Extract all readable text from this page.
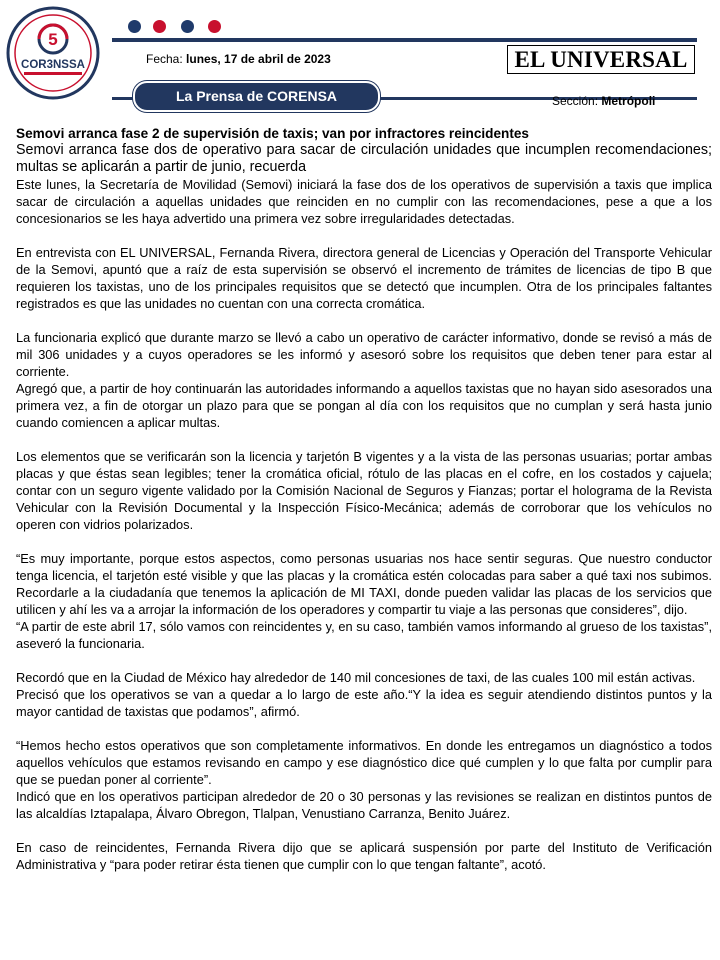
5
COR3NSSA	Fecha: lunes, 17 de abril de 2023	EL UNIVERSAL
La Prensa de CORENSA	Sección: Metrópoli

Semovi arranca fase 2 de supervisión de taxis; van por infractores reincidentes

Semovi arranca fase dos de operativo para sacar de circulación unidades que incumplen recomendaciones; multas se aplicarán a partir de junio, recuerda

Este lunes, la Secretaría de Movilidad (Semovi) iniciará la fase dos de los operativos de supervisión a taxis que implica sacar de circulación a aquellas unidades que reinciden en no cumplir con las recomendaciones, pese a que a los concesionarios se les haya advertido una primera vez sobre irregularidades detectadas.

En entrevista con EL UNIVERSAL, Fernanda Rivera, directora general de Licencias y Operación del Transporte Vehicular de la Semovi, apuntó que a raíz de esta supervisión se observó el incremento de trámites de licencias de tipo B que requieren los taxistas, uno de los principales requisitos que se detectó que incumplen. Otra de los principales faltantes registrados es que las unidades no cuentan con una correcta cromática.

La funcionaria explicó que durante marzo se llevó a cabo un operativo de carácter informativo, donde se revisó a más de mil 306 unidades y a cuyos operadores se les informó y asesoró sobre los requisitos que deben tener para estar al corriente.

Agregó que, a partir de hoy continuarán las autoridades informando a aquellos taxistas que no hayan sido asesorados una primera vez, a fin de otorgar un plazo para que se pongan al día con los requisitos que no cumplan y será hasta junio cuando comiencen a aplicar multas.

Los elementos que se verificarán son la licencia y tarjetón B vigentes y a la vista de las personas usuarias; portar ambas placas y que éstas sean legibles; tener la cromática oficial, rótulo de las placas en el cofre, en los costados y cajuela; contar con un seguro vigente validado por la Comisión Nacional de Seguros y Fianzas; portar el holograma de la Revista Vehicular con la Revisión Documental y la Inspección Físico-Mecánica; además de corroborar que los vehículos no operen con vidrios polarizados.

“Es muy importante, porque estos aspectos, como personas usuarias nos hace sentir seguras. Que nuestro conductor tenga licencia, el tarjetón esté visible y que las placas y la cromática estén colocadas para saber a qué taxi nos subimos. Recordarle a la ciudadanía que tenemos la aplicación de MI TAXI, donde pueden validar las placas de los servicios que utilicen y ahí les va a arrojar la información de los operadores y compartir tu viaje a las personas que consideres”, dijo.

“A partir de este abril 17, sólo vamos con reincidentes y, en su caso, también vamos informando al grueso de los taxistas”, aseveró la funcionaria.

Recordó que en la Ciudad de México hay alrededor de 140 mil concesiones de taxi, de las cuales 100 mil están activas.

Precisó que los operativos se van a quedar a lo largo de este año.“Y la idea es seguir atendiendo distintos puntos y la mayor cantidad de taxistas que podamos”, afirmó.

“Hemos hecho estos operativos que son completamente informativos. En donde les entregamos un diagnóstico a todos aquellos vehículos que estamos revisando en campo y ese diagnóstico dice qué cumplen y lo que falta por cumplir para que se puedan poner al corriente”.

Indicó que en los operativos participan alrededor de 20 o 30 personas y las revisiones se realizan en distintos puntos de las alcaldías Iztapalapa, Álvaro Obregon, Tlalpan, Venustiano Carranza, Benito Juárez.

En caso de reincidentes, Fernanda Rivera dijo que se aplicará suspensión por parte del Instituto de Verificación Administrativa y “para poder retirar ésta tienen que cumplir con lo que tengan faltante”, acotó.
